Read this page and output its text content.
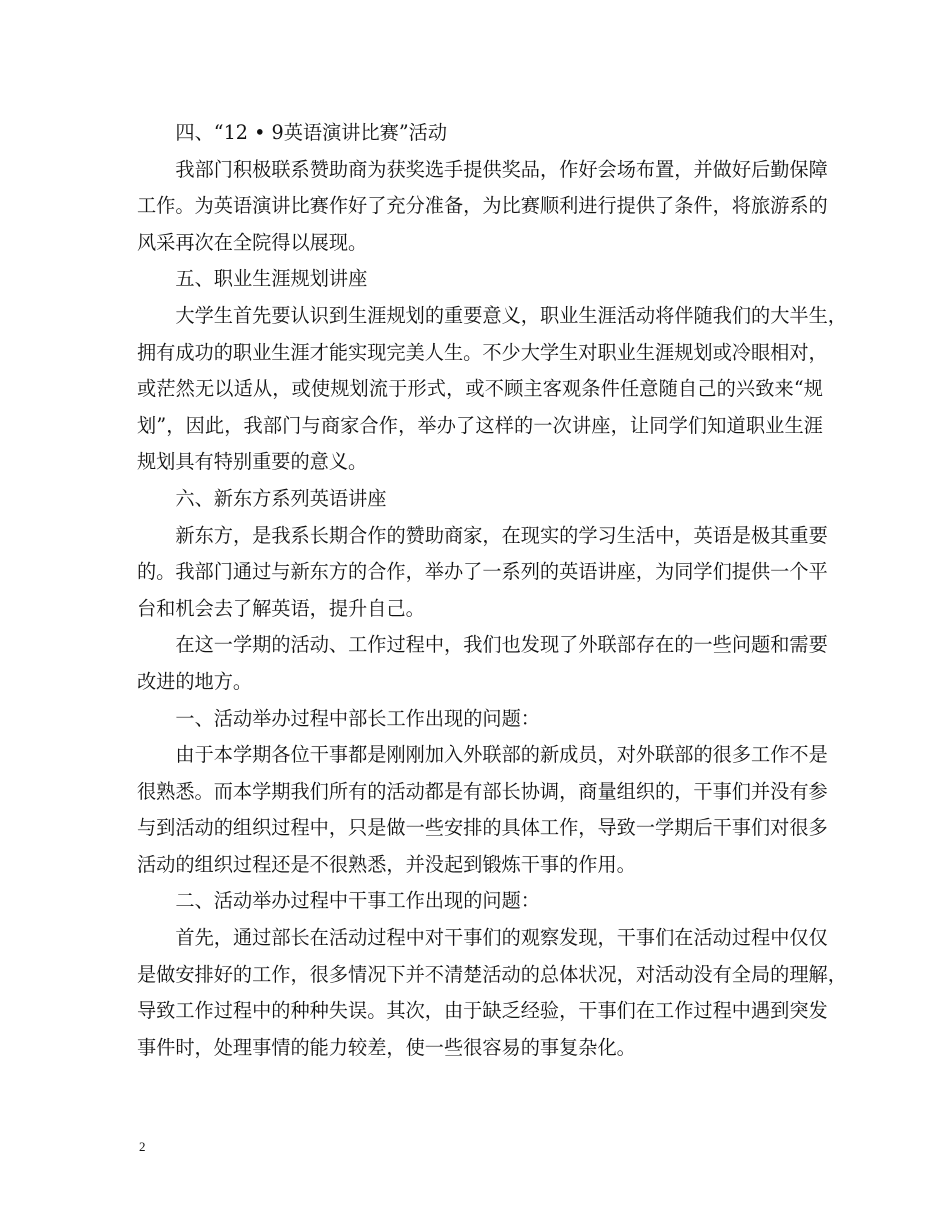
四、“12 • 9英语演讲比赛”活动
我部门积极联系赞助商为获奖选手提供奖品，作好会场布置，并做好后勤保障
工作。为英语演讲比赛作好了充分准备，为比赛顺利进行提供了条件，将旅游系的
风采再次在全院得以展现。
五、职业生涯规划讲座
大学生首先要认识到生涯规划的重要意义，职业生涯活动将伴随我们的大半生，
拥有成功的职业生涯才能实现完美人生。不少大学生对职业生涯规划或冷眼相对，
或茫然无以适从，或使规划流于形式，或不顾主客观条件任意随自己的兴致来“规
划”，因此，我部门与商家合作，举办了这样的一次讲座，让同学们知道职业生涯
规划具有特别重要的意义。
六、新东方系列英语讲座
新东方，是我系长期合作的赞助商家，在现实的学习生活中，英语是极其重要
的。我部门通过与新东方的合作，举办了一系列的英语讲座，为同学们提供一个平
台和机会去了解英语，提升自己。
在这一学期的活动、工作过程中，我们也发现了外联部存在的一些问题和需要
改进的地方。
一、活动举办过程中部长工作出现的问题：
由于本学期各位干事都是刚刚加入外联部的新成员，对外联部的很多工作不是
很熟悉。而本学期我们所有的活动都是有部长协调，商量组织的，干事们并没有参
与到活动的组织过程中，只是做一些安排的具体工作，导致一学期后干事们对很多
活动的组织过程还是不很熟悉，并没起到锻炼干事的作用。
二、活动举办过程中干事工作出现的问题：
首先，通过部长在活动过程中对干事们的观察发现，干事们在活动过程中仅仅
是做安排好的工作，很多情况下并不清楚活动的总体状况，对活动没有全局的理解，
导致工作过程中的种种失误。其次，由于缺乏经验，干事们在工作过程中遇到突发
事件时，处理事情的能力较差，使一些很容易的事复杂化。
2
